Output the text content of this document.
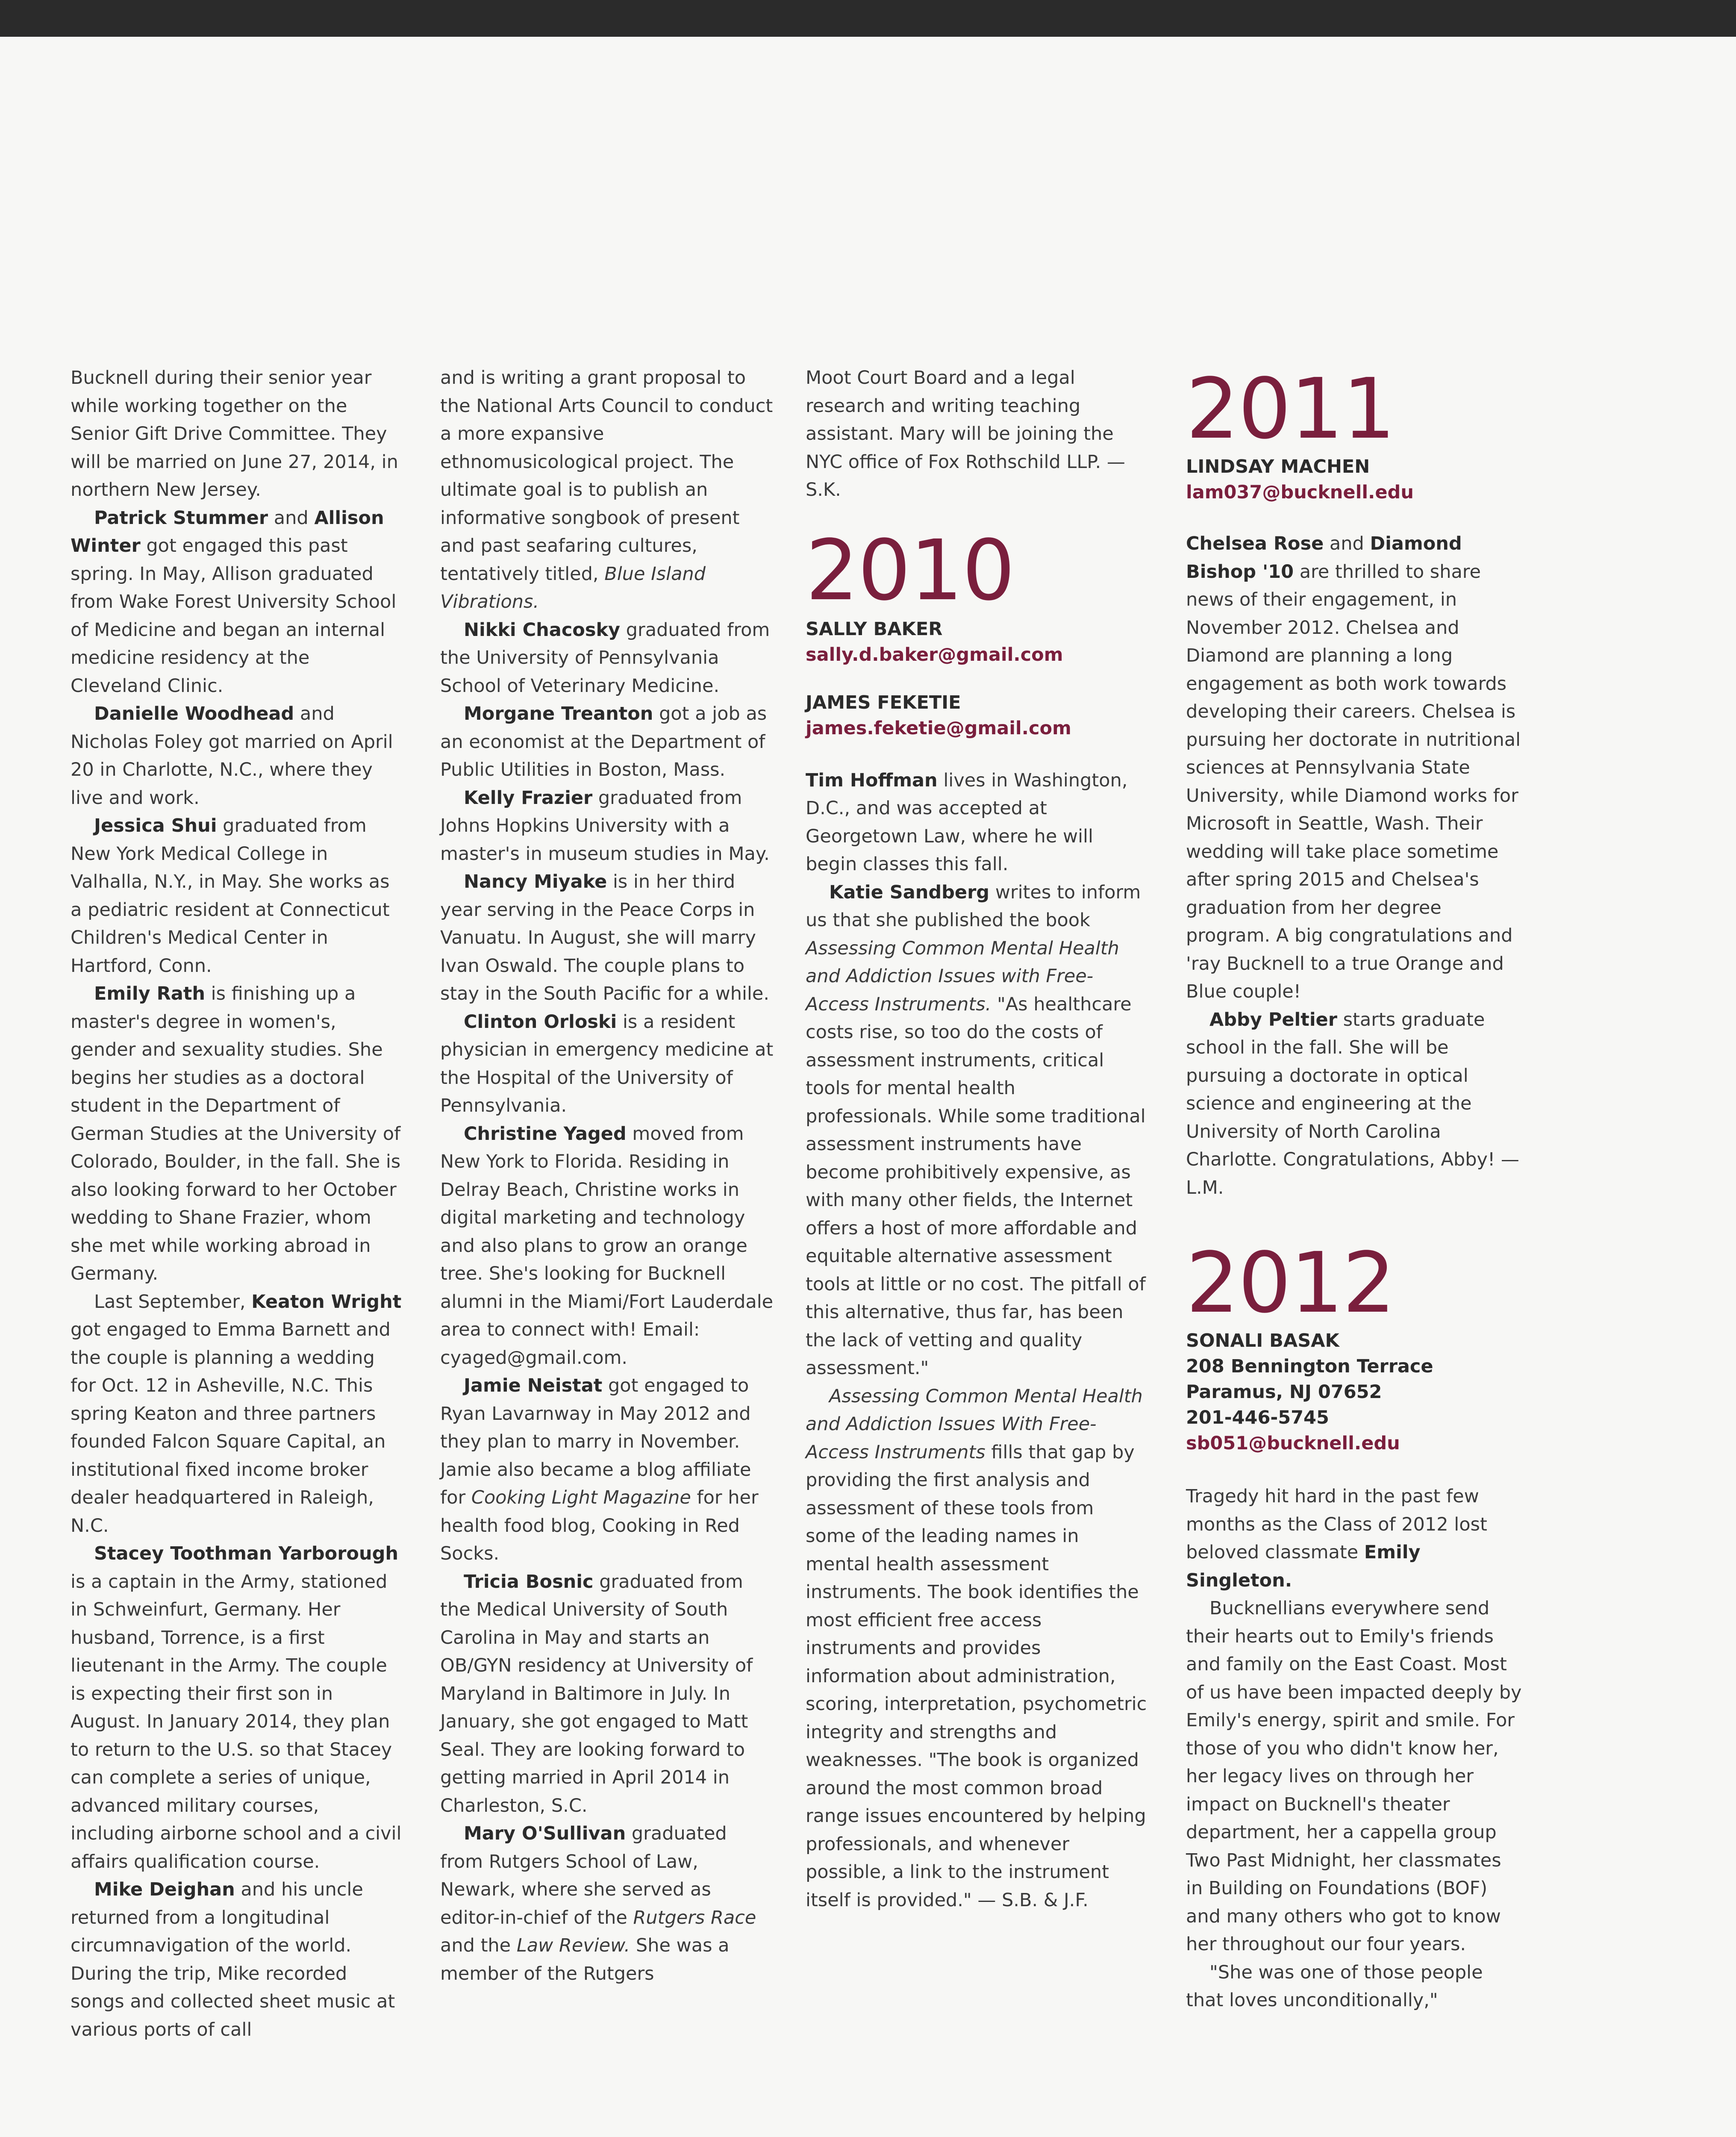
Bucknell during their senior year while working together on the Senior Gift Drive Committee. They will be married on June 27, 2014, in northern New Jersey.

Patrick Stummer and Allison Winter got engaged this past spring. In May, Allison graduated from Wake Forest University School of Medicine and began an internal medicine residency at the Cleveland Clinic.

Danielle Woodhead and Nicholas Foley got married on April 20 in Charlotte, N.C., where they live and work.

Jessica Shui graduated from New York Medical College in Valhalla, N.Y., in May. She works as a pediatric resident at Connecticut Children's Medical Center in Hartford, Conn.

Emily Rath is finishing up a master's degree in women's, gender and sexuality studies. She begins her studies as a doctoral student in the Department of German Studies at the University of Colorado, Boulder, in the fall. She is also looking forward to her October wedding to Shane Frazier, whom she met while working abroad in Germany.

Last September, Keaton Wright got engaged to Emma Barnett and the couple is planning a wedding for Oct. 12 in Asheville, N.C. This spring Keaton and three partners founded Falcon Square Capital, an institutional fixed income broker dealer headquartered in Raleigh, N.C.

Stacey Toothman Yarborough is a captain in the Army, stationed in Schweinfurt, Germany. Her husband, Torrence, is a first lieutenant in the Army. The couple is expecting their first son in August. In January 2014, they plan to return to the U.S. so that Stacey can complete a series of unique, advanced military courses, including airborne school and a civil affairs qualification course.

Mike Deighan and his uncle returned from a longitudinal circumnavigation of the world. During the trip, Mike recorded songs and collected sheet music at various ports of call

and is writing a grant proposal to the National Arts Council to conduct a more expansive ethnomusicological project. The ultimate goal is to publish an informative songbook of present and past seafaring cultures, tentatively titled, Blue Island Vibrations.

Nikki Chacosky graduated from the University of Pennsylvania School of Veterinary Medicine.

Morgane Treanton got a job as an economist at the Department of Public Utilities in Boston, Mass.

Kelly Frazier graduated from Johns Hopkins University with a master's in museum studies in May.

Nancy Miyake is in her third year serving in the Peace Corps in Vanuatu. In August, she will marry Ivan Oswald. The couple plans to stay in the South Pacific for a while.

Clinton Orloski is a resident physician in emergency medicine at the Hospital of the University of Pennsylvania.

Christine Yaged moved from New York to Florida. Residing in Delray Beach, Christine works in digital marketing and technology and also plans to grow an orange tree. She's looking for Bucknell alumni in the Miami/Fort Lauderdale area to connect with! Email: cyaged@gmail.com.

Jamie Neistat got engaged to Ryan Lavarnway in May 2012 and they plan to marry in November. Jamie also became a blog affiliate for Cooking Light Magazine for her health food blog, Cooking in Red Socks.

Tricia Bosnic graduated from the Medical University of South Carolina in May and starts an OB/GYN residency at University of Maryland in Baltimore in July. In January, she got engaged to Matt Seal. They are looking forward to getting married in April 2014 in Charleston, S.C.

Mary O'Sullivan graduated from Rutgers School of Law, Newark, where she served as editor-in-chief of the Rutgers Race and the Law Review. She was a member of the Rutgers

Moot Court Board and a legal research and writing teaching assistant. Mary will be joining the NYC office of Fox Rothschild LLP. — S.K.

2010
SALLY BAKER
sally.d.baker@gmail.com
JAMES FEKETIE
james.feketie@gmail.com

Tim Hoffman lives in Washington, D.C., and was accepted at Georgetown Law, where he will begin classes this fall.

Katie Sandberg writes to inform us that she published the book Assessing Common Mental Health and Addiction Issues with Free-Access Instruments. "As healthcare costs rise, so too do the costs of assessment instruments, critical tools for mental health professionals. While some traditional assessment instruments have become prohibitively expensive, as with many other fields, the Internet offers a host of more affordable and equitable alternative assessment tools at little or no cost. The pitfall of this alternative, thus far, has been the lack of vetting and quality assessment."

Assessing Common Mental Health and Addiction Issues With Free-Access Instruments fills that gap by providing the first analysis and assessment of these tools from some of the leading names in mental health assessment instruments. The book identifies the most efficient free access instruments and provides information about administration, scoring, interpretation, psychometric integrity and strengths and weaknesses. "The book is organized around the most common broad range issues encountered by helping professionals, and whenever possible, a link to the instrument itself is provided." — S.B. & J.F.

2011
LINDSAY MACHEN
lam037@bucknell.edu

Chelsea Rose and Diamond Bishop '10 are thrilled to share news of their engagement, in November 2012. Chelsea and Diamond are planning a long engagement as both work towards developing their careers. Chelsea is pursuing her doctorate in nutritional sciences at Pennsylvania State University, while Diamond works for Microsoft in Seattle, Wash. Their wedding will take place sometime after spring 2015 and Chelsea's graduation from her degree program. A big congratulations and 'ray Bucknell to a true Orange and Blue couple!

Abby Peltier starts graduate school in the fall. She will be pursuing a doctorate in optical science and engineering at the University of North Carolina Charlotte. Congratulations, Abby! — L.M.

2012
SONALI BASAK
208 Bennington Terrace
Paramus, NJ 07652
201-446-5745
sb051@bucknell.edu

Tragedy hit hard in the past few months as the Class of 2012 lost beloved classmate Emily Singleton.

Bucknellians everywhere send their hearts out to Emily's friends and family on the East Coast. Most of us have been impacted deeply by Emily's energy, spirit and smile. For those of you who didn't know her, her legacy lives on through her impact on Bucknell's theater department, her a cappella group Two Past Midnight, her classmates in Building on Foundations (BOF) and many others who got to know her throughout our four years.

"She was one of those people that loves unconditionally,"
